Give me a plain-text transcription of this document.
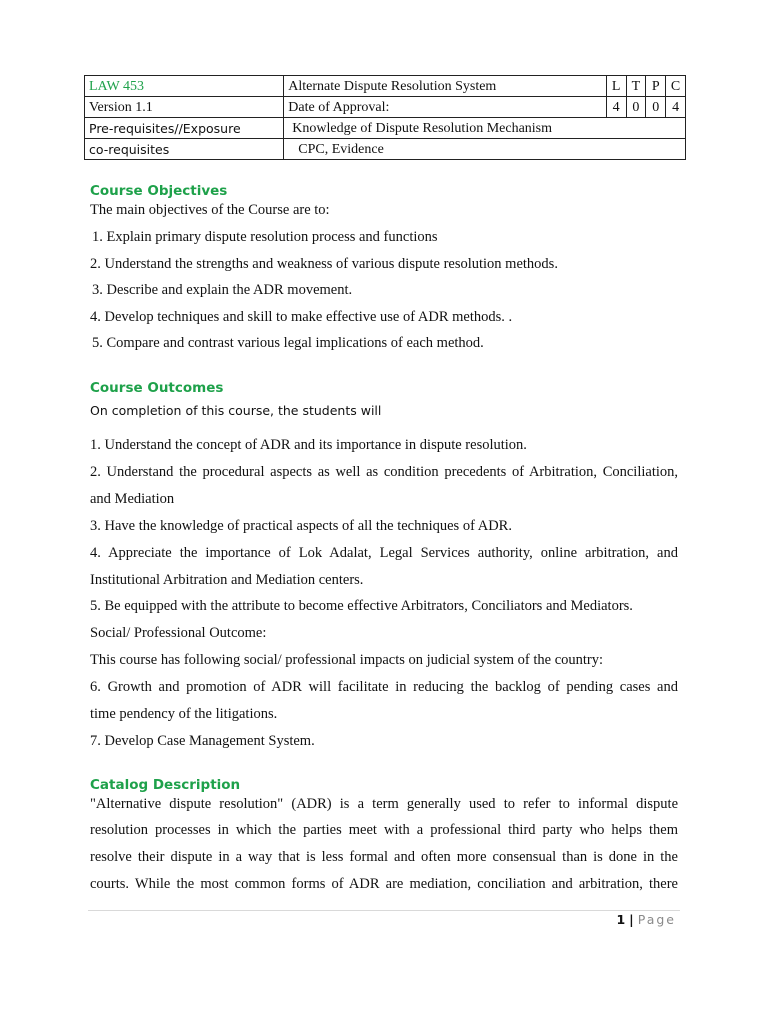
LAW 453	Alternate Dispute Resolution System	L	T	P	C
Version 1.1	Date of Approval:	4	0	0	4
Pre-requisites//Exposure	Knowledge of Dispute Resolution Mechanism				
co-requisites	CPC, Evidence				
Course Objectives
The main objectives of the Course are to:
1. Explain primary dispute resolution process and functions
2. Understand the strengths and weakness of various dispute resolution methods.
3. Describe and explain the ADR movement.
4. Develop techniques and skill to make effective use of ADR methods. .
5. Compare and contrast various legal implications of each method.
Course Outcomes
On completion of this course, the students will
1. Understand the concept of ADR and its importance in dispute resolution.
2. Understand the procedural aspects as well as condition precedents of Arbitration, Conciliation,
and Mediation
3. Have the knowledge of practical aspects of all the techniques of ADR.
4. Appreciate the importance of Lok Adalat, Legal Services authority, online arbitration, and
Institutional Arbitration and Mediation centers.
5. Be equipped with the attribute to become effective Arbitrators, Conciliators and Mediators.
Social/ Professional Outcome:
This course has following social/ professional impacts on judicial system of the country:
6. Growth and promotion of ADR will facilitate in reducing the backlog of pending cases and
time pendency of the litigations.
7. Develop Case Management System.
Catalog Description
"Alternative dispute resolution" (ADR) is a term generally used to refer to informal dispute
resolution processes in which the parties meet with a professional third party who helps them
resolve their dispute in a way that is less formal and often more consensual than is done in the
courts. While the most common forms of ADR are mediation, conciliation and arbitration, there
1 | Page
